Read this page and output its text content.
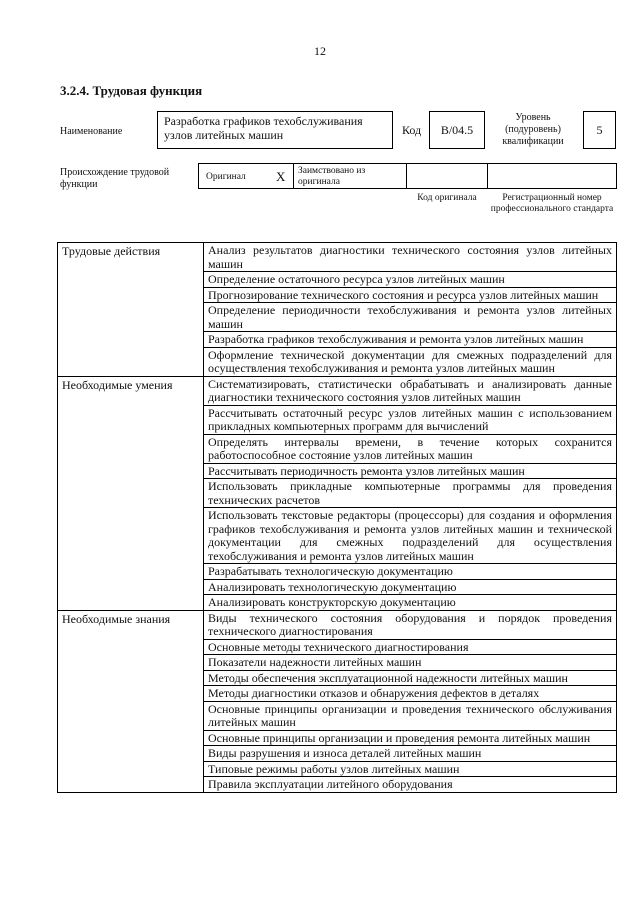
12
3.2.4. Трудовая функция
Наименование
Разработка графиков техобслуживания узлов литейных машин	Код	B/04.5
Уровень (подуровень) квалификации
5
Происхождение трудовой функции
Оригинал X Заимствовано из оригинала
Код оригинала	Регистрационный номер профессионального стандарта
Трудовые действия	Анализ результатов диагностики технического состояния узлов литейных машин
	Определение остаточного ресурса узлов литейных машин
	Прогнозирование технического состояния и ресурса узлов литейных машин
	Определение периодичности техобслуживания и ремонта узлов литейных машин
	Разработка графиков техобслуживания и ремонта узлов литейных машин
	Оформление технической документации для смежных подразделений для осуществления техобслуживания и ремонта узлов литейных машин
Необходимые умения	Систематизировать, статистически обрабатывать и анализировать данные диагностики технического состояния узлов литейных машин
	Рассчитывать остаточный ресурс узлов литейных машин с использованием прикладных компьютерных программ для вычислений
	Определять интервалы времени, в течение которых сохранится работоспособное состояние узлов литейных машин
	Рассчитывать периодичность ремонта узлов литейных машин
	Использовать прикладные компьютерные программы для проведения технических расчетов
	Использовать текстовые редакторы (процессоры) для создания и оформления графиков техобслуживания и ремонта узлов литейных машин и технической документации для смежных подразделений для осуществления техобслуживания и ремонта узлов литейных машин
	Разрабатывать технологическую документацию
	Анализировать технологическую документацию
	Анализировать конструкторскую документацию
Необходимые знания	Виды технического состояния оборудования и порядок проведения технического диагностирования
	Основные методы технического диагностирования
	Показатели надежности литейных машин
	Методы обеспечения эксплуатационной надежности литейных машин
	Методы диагностики отказов и обнаружения дефектов в деталях
	Основные принципы организации и проведения технического обслуживания литейных машин
	Основные принципы организации и проведения ремонта литейных машин
	Виды разрушения и износа деталей литейных машин
	Типовые режимы работы узлов литейных машин
	Правила эксплуатации литейного оборудования
